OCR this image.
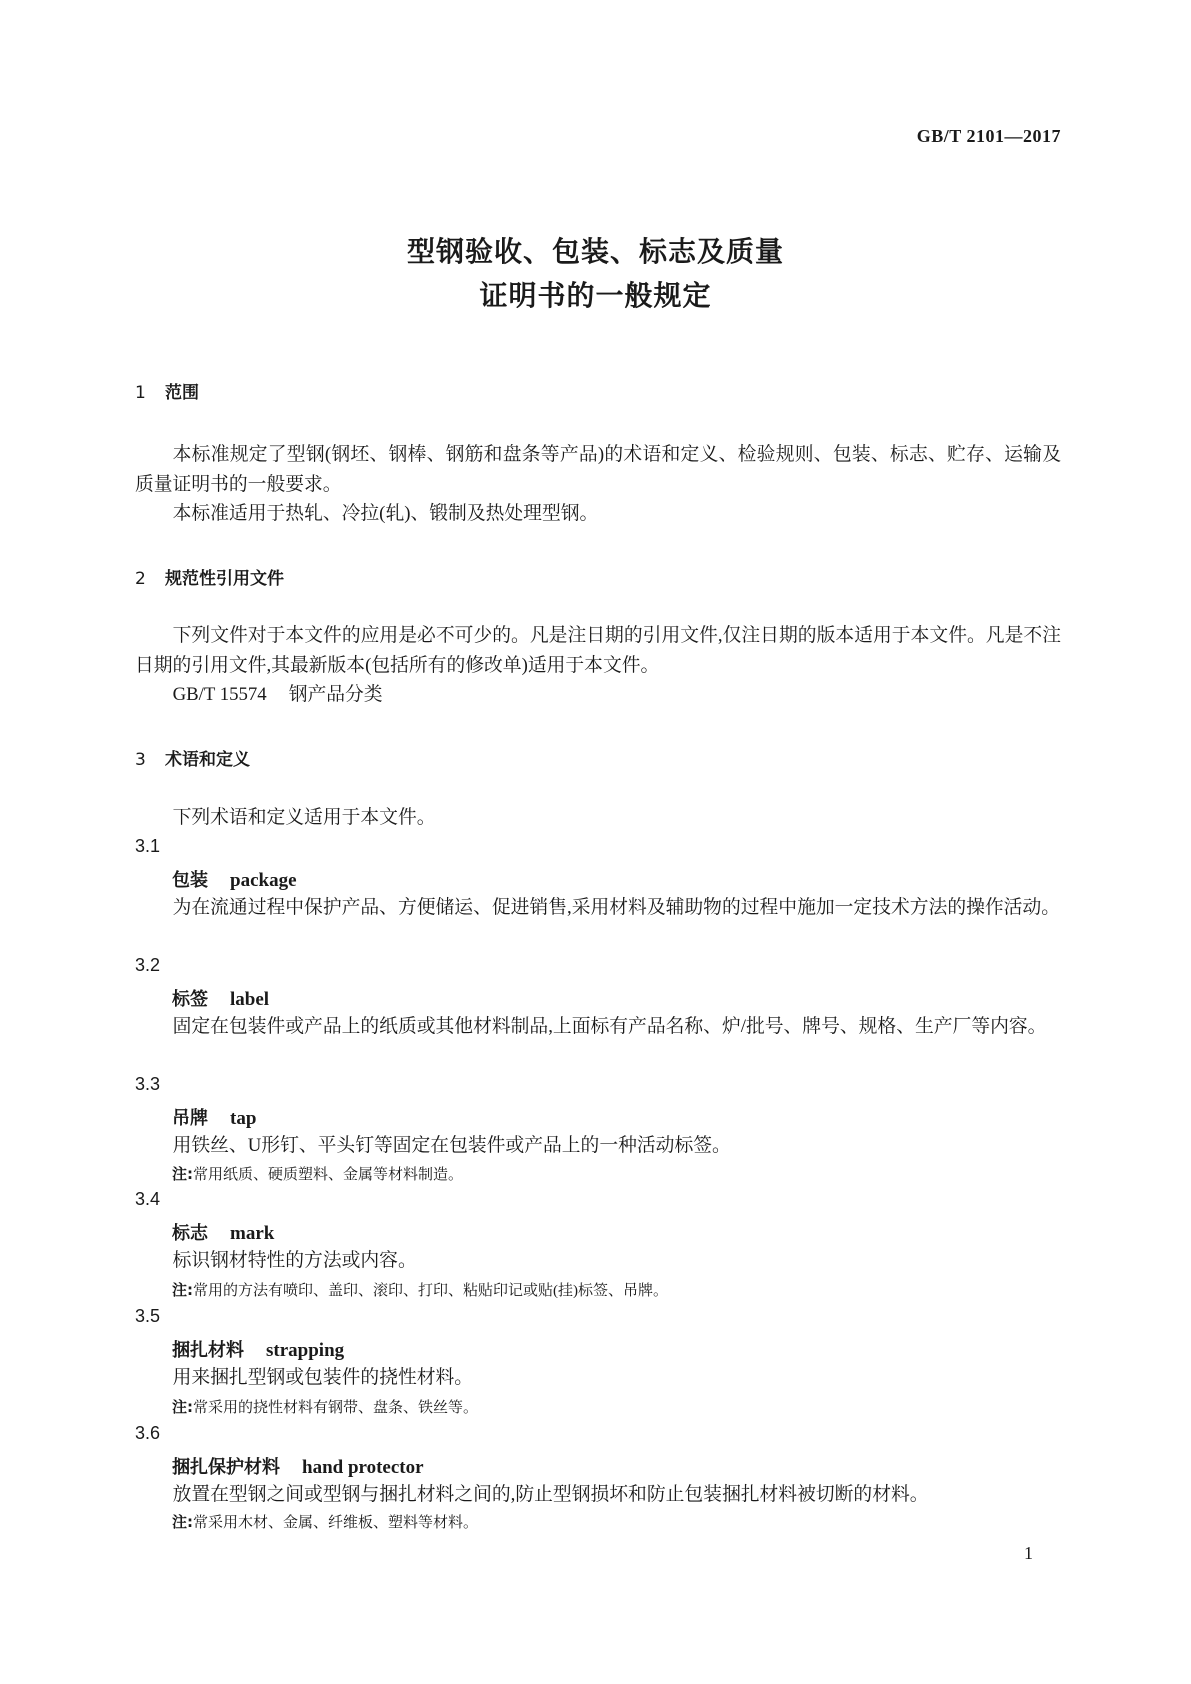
GB/T 2101—2017
型钢验收、包装、标志及质量
证明书的一般规定
1 范围
本标准规定了型钢(钢坯、钢棒、钢筋和盘条等产品)的术语和定义、检验规则、包装、标志、贮存、运输及质量证明书的一般要求。
本标准适用于热轧、冷拉(轧)、锻制及热处理型钢。
2 规范性引用文件
下列文件对于本文件的应用是必不可少的。凡是注日期的引用文件,仅注日期的版本适用于本文件。凡是不注日期的引用文件,其最新版本(包括所有的修改单)适用于本文件。
GB/T 15574 钢产品分类
3 术语和定义
下列术语和定义适用于本文件。
3.1
包装 package
为在流通过程中保护产品、方便储运、促进销售,采用材料及辅助物的过程中施加一定技术方法的操作活动。
3.2
标签 label
固定在包装件或产品上的纸质或其他材料制品,上面标有产品名称、炉/批号、牌号、规格、生产厂等内容。
3.3
吊牌 tap
用铁丝、U形钉、平头钉等固定在包装件或产品上的一种活动标签。
注:常用纸质、硬质塑料、金属等材料制造。
3.4
标志 mark
标识钢材特性的方法或内容。
注:常用的方法有喷印、盖印、滚印、打印、粘贴印记或贴(挂)标签、吊牌。
3.5
捆扎材料 strapping
用来捆扎型钢或包装件的挠性材料。
注:常采用的挠性材料有钢带、盘条、铁丝等。
3.6
捆扎保护材料 hand protector
放置在型钢之间或型钢与捆扎材料之间的,防止型钢损坏和防止包装捆扎材料被切断的材料。
注:常采用木材、金属、纤维板、塑料等材料。
1
